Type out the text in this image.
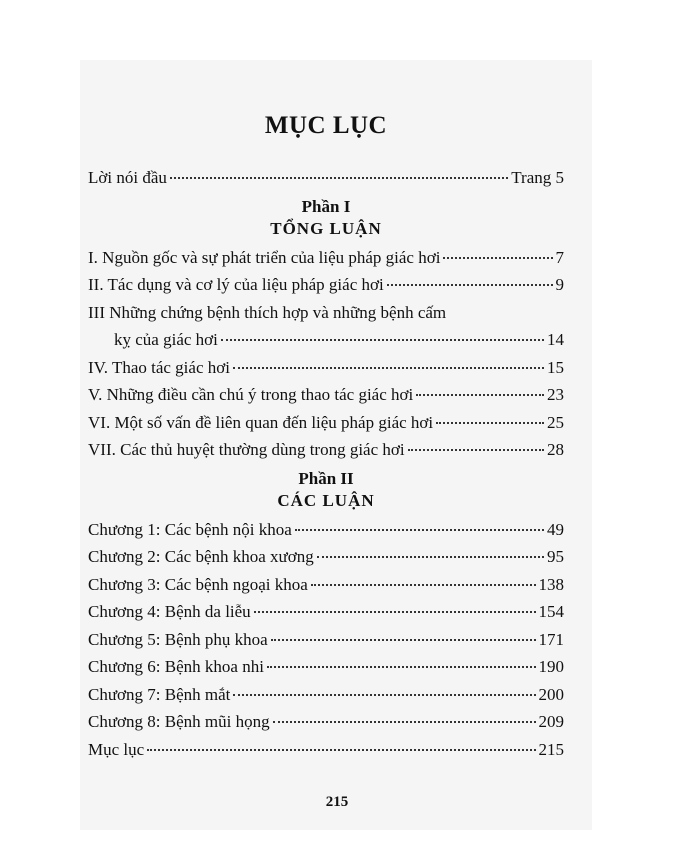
MỤC LỤC
Lời nói đầu	Trang 5
Phần I
TỔNG LUẬN
I. Nguồn gốc và sự phát triển của liệu pháp giác hơi	7
II. Tác dụng và cơ lý của liệu pháp giác hơi	9
III Những chứng bệnh thích hợp và những bệnh cấm
kỵ của giác hơi	14
IV. Thao tác giác hơi	15
V. Những điều cần chú ý trong thao tác giác hơi	23
VI. Một số vấn đề liên quan đến liệu pháp giác hơi	25
VII. Các thủ huyệt thường dùng trong giác hơi	28
Phần II
CÁC LUẬN
Chương 1: Các bệnh nội khoa	49
Chương 2: Các bệnh khoa xương	95
Chương 3: Các bệnh ngoại khoa	138
Chương 4: Bệnh da liễu	154
Chương 5: Bệnh phụ khoa	171
Chương 6: Bệnh khoa nhi	190
Chương 7: Bệnh mắt	200
Chương 8: Bệnh mũi họng	209
Mục lục	215
215
